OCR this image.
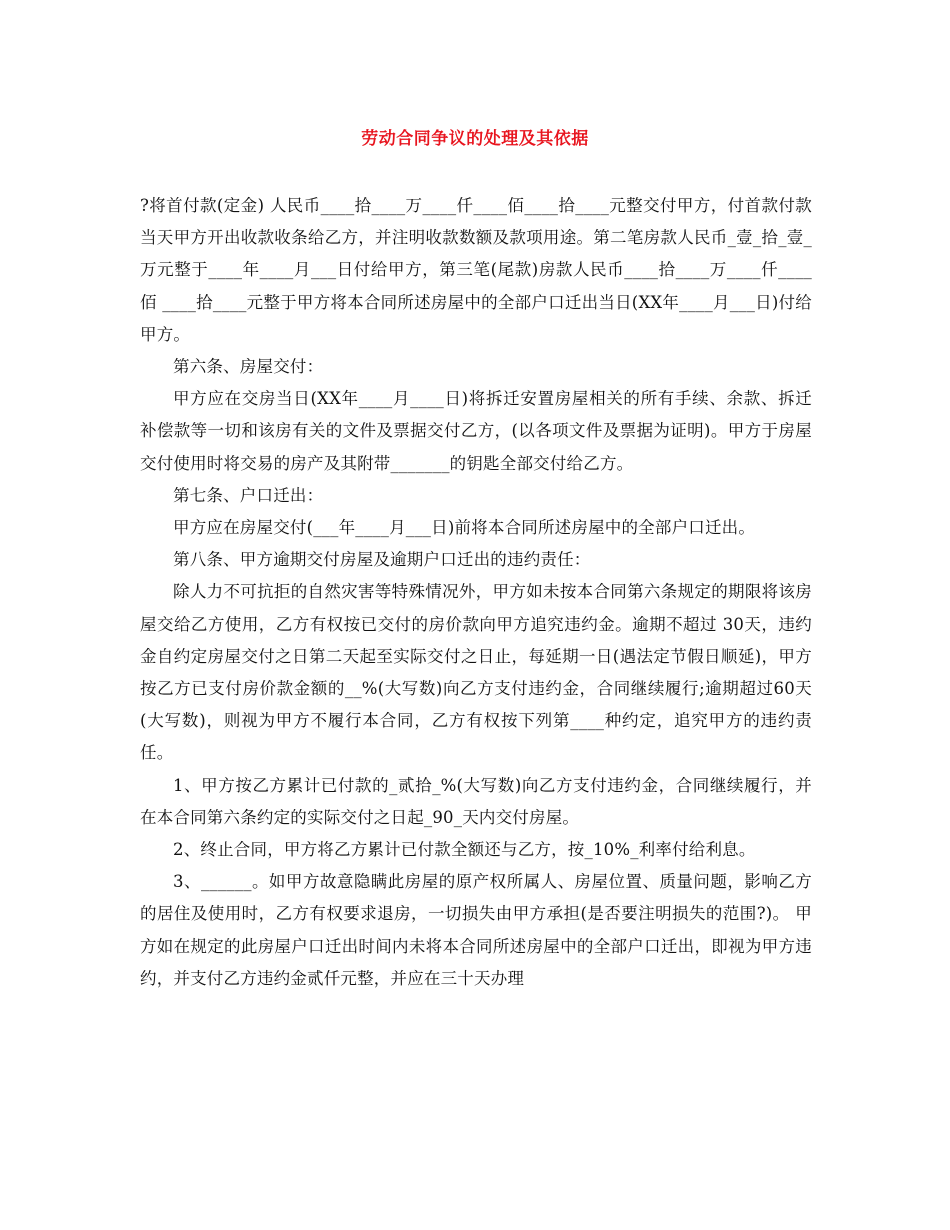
劳动合同争议的处理及其依据

?将首付款(定金) 人民币____拾____万____仟____佰____拾____元整交付甲方，付首款付款当天甲方开出收款收条给乙方，并注明收款数额及款项用途。第二笔房款人民币_壹_拾_壹_万元整于____年____月___日付给甲方，第三笔(尾款)房款人民币____拾____万____仟____佰 ____拾____元整于甲方将本合同所述房屋中的全部户口迁出当日(XX年____月___日)付给甲方。

第六条、房屋交付：

甲方应在交房当日(XX年____月____日)将拆迁安置房屋相关的所有手续、余款、拆迁补偿款等一切和该房有关的文件及票据交付乙方，(以各项文件及票据为证明)。甲方于房屋交付使用时将交易的房产及其附带_______的钥匙全部交付给乙方。

第七条、户口迁出：

甲方应在房屋交付(___年____月___日)前将本合同所述房屋中的全部户口迁出。

第八条、甲方逾期交付房屋及逾期户口迁出的违约责任：

除人力不可抗拒的自然灾害等特殊情况外，甲方如未按本合同第六条规定的期限将该房屋交给乙方使用，乙方有权按已交付的房价款向甲方追究违约金。逾期不超过 30天，违约金自约定房屋交付之日第二天起至实际交付之日止，每延期一日(遇法定节假日顺延)，甲方按乙方已支付房价款金额的__%(大写数)向乙方支付违约金，合同继续履行;逾期超过60天(大写数)，则视为甲方不履行本合同，乙方有权按下列第____种约定，追究甲方的违约责任。

1、甲方按乙方累计已付款的_贰拾_%(大写数)向乙方支付违约金，合同继续履行，并在本合同第六条约定的实际交付之日起_90_天内交付房屋。

2、终止合同，甲方将乙方累计已付款全额还与乙方，按_10%_利率付给利息。

3、______。如甲方故意隐瞒此房屋的原产权所属人、房屋位置、质量问题，影响乙方的居住及使用时，乙方有权要求退房，一切损失由甲方承担(是否要注明损失的范围?)。 甲方如在规定的此房屋户口迁出时间内未将本合同所述房屋中的全部户口迁出，即视为甲方违约，并支付乙方违约金贰仟元整，并应在三十天办理
